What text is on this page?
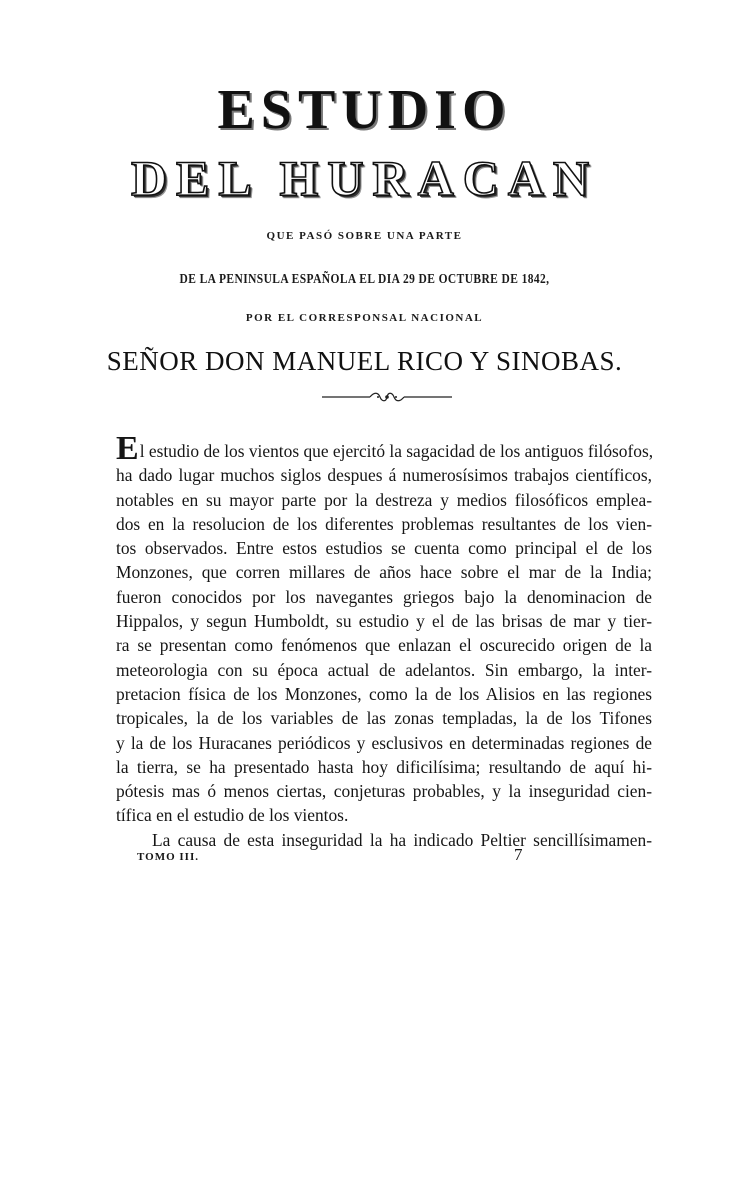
ESTUDIO
DEL HURACAN
QUE PASÓ SOBRE UNA PARTE
DE LA PENINSULA ESPAÑOLA EL DIA 29 DE OCTUBRE DE 1842,
POR EL CORRESPONSAL NACIONAL
SEÑOR DON MANUEL RICO Y SINOBAS.
El estudio de los vientos que ejercitó la sagacidad de los antiguos filósofos,
ha dado lugar muchos siglos despues á numerosísimos trabajos científicos,
notables en su mayor parte por la destreza y medios filosóficos emplea-
dos en la resolucion de los diferentes problemas resultantes de los vien-
tos observados. Entre estos estudios se cuenta como principal el de los
Monzones, que corren millares de años hace sobre el mar de la India;
fueron conocidos por los navegantes griegos bajo la denominacion de
Hippalos, y segun Humboldt, su estudio y el de las brisas de mar y tier-
ra se presentan como fenómenos que enlazan el oscurecido origen de la
meteorologia con su época actual de adelantos. Sin embargo, la inter-
pretacion física de los Monzones, como la de los Alisios en las regiones
tropicales, la de los variables de las zonas templadas, la de los Tifones
y la de los Huracanes periódicos y esclusivos en determinadas regiones de
la tierra, se ha presentado hasta hoy dificilísima; resultando de aquí hi-
pótesis mas ó menos ciertas, conjeturas probables, y la inseguridad cien-
tífica en el estudio de los vientos.
La causa de esta inseguridad la ha indicado Peltier sencillísimamen-
TOMO III.	7
